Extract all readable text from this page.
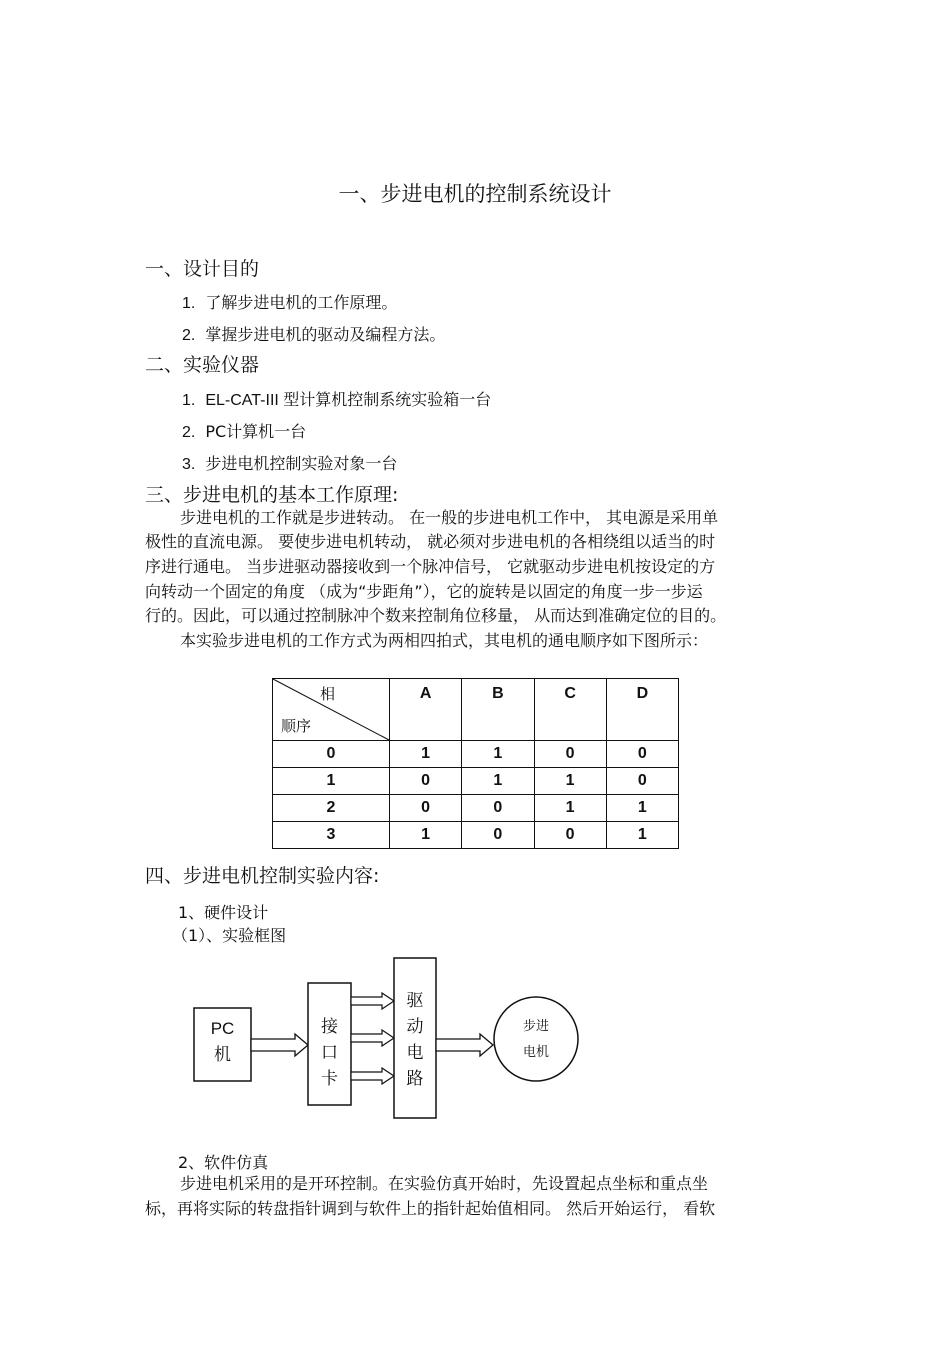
一、步进电机的控制系统设计
一、设计目的
1. 了解步进电机的工作原理。
2. 掌握步进电机的驱动及编程方法。
二、实验仪器
1. EL-CAT-III 型计算机控制系统实验箱一台
2. PC计算机一台
3. 步进电机控制实验对象一台
三、步进电机的基本工作原理:
步进电机的工作就是步进转动。 在一般的步进电机工作中， 其电源是采用单
极性的直流电源。 要使步进电机转动， 就必须对步进电机的各相绕组以适当的时
序进行通电。 当步进驱动器接收到一个脉冲信号， 它就驱动步进电机按设定的方
向转动一个固定的角度 （成为“步距角”），它的旋转是以固定的角度一步一步运
行的。因此，可以通过控制脉冲个数来控制角位移量， 从而达到准确定位的目的。
本实验步进电机的工作方式为两相四拍式，其电机的通电顺序如下图所示：
相
顺序	A	B	C	D
0	1	1	0	0
1	0	1	1	0
2	0	0	1	1
3	1	0	0	1
四、步进电机控制实验内容:
1、硬件设计
（1）、实验框图
PC
机
接
口
卡
驱
动
电
路
步进
电机
2、软件仿真
步进电机采用的是开环控制。在实验仿真开始时，先设置起点坐标和重点坐
标，再将实际的转盘指针调到与软件上的指针起始值相同。 然后开始运行， 看软
